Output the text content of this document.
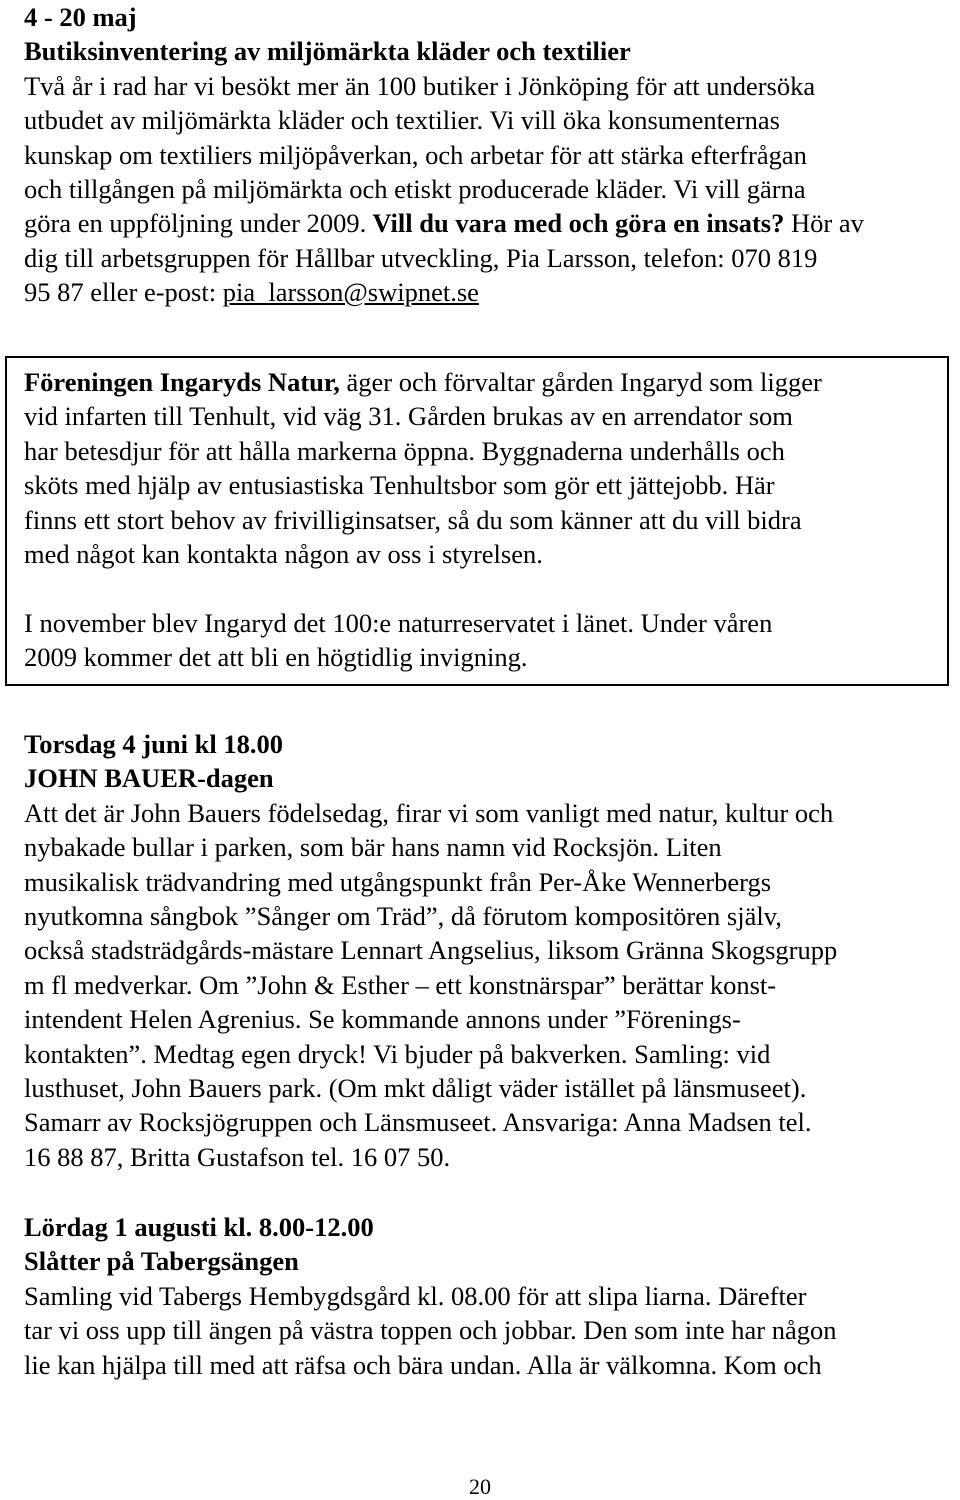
4 - 20 maj
Butiksinventering av miljömärkta kläder och textilier
Två år i rad har vi besökt mer än 100 butiker i Jönköping för att undersöka
utbudet av miljömärkta kläder och textilier. Vi vill öka konsumenternas
kunskap om textiliers miljöpåverkan, och arbetar för att stärka efterfrågan
och tillgången på miljömärkta och etiskt producerade kläder. Vi vill gärna
göra en uppföljning under 2009. Vill du vara med och göra en insats? Hör av
dig till arbetsgruppen för Hållbar utveckling, Pia Larsson, telefon: 070 819
95 87 eller e-post: pia_larsson@swipnet.se
Föreningen Ingaryds Natur, äger och förvaltar gården Ingaryd som ligger
vid infarten till Tenhult, vid väg 31. Gården brukas av en arrendator som
har betesdjur för att hålla markerna öppna. Byggnaderna underhålls och
sköts med hjälp av entusiastiska Tenhultsbor som gör ett jättejobb. Här
finns ett stort behov av frivilliginsatser, så du som känner att du vill bidra
med något kan kontakta någon av oss i styrelsen.
I november blev Ingaryd det 100:e naturreservatet i länet. Under våren
2009 kommer det att bli en högtidlig invigning.
Torsdag 4 juni kl 18.00
JOHN BAUER-dagen
Att det är John Bauers födelsedag, firar vi som vanligt med natur, kultur och
nybakade bullar i parken, som bär hans namn vid Rocksjön. Liten
musikalisk trädvandring med utgångspunkt från Per-Åke Wennerbergs
nyutkomna sångbok ”Sånger om Träd”, då förutom kompositören själv,
också stadsträdgårds-mästare Lennart Angselius, liksom Gränna Skogsgrupp
m fl medverkar. Om ”John & Esther – ett konstnärspar” berättar konst-
intendent Helen Agrenius. Se kommande annons under ”Förenings-
kontakten”. Medtag egen dryck! Vi bjuder på bakverken. Samling: vid
lusthuset, John Bauers park. (Om mkt dåligt väder istället på länsmuseet).
Samarr av Rocksjögruppen och Länsmuseet. Ansvariga: Anna Madsen tel.
16 88 87, Britta Gustafson tel. 16 07 50.
Lördag 1 augusti kl. 8.00-12.00
Slåtter på Tabergsängen
Samling vid Tabergs Hembygdsgård kl. 08.00 för att slipa liarna. Därefter
tar vi oss upp till ängen på västra toppen och jobbar. Den som inte har någon
lie kan hjälpa till med att räfsa och bära undan. Alla är välkomna. Kom och
20
